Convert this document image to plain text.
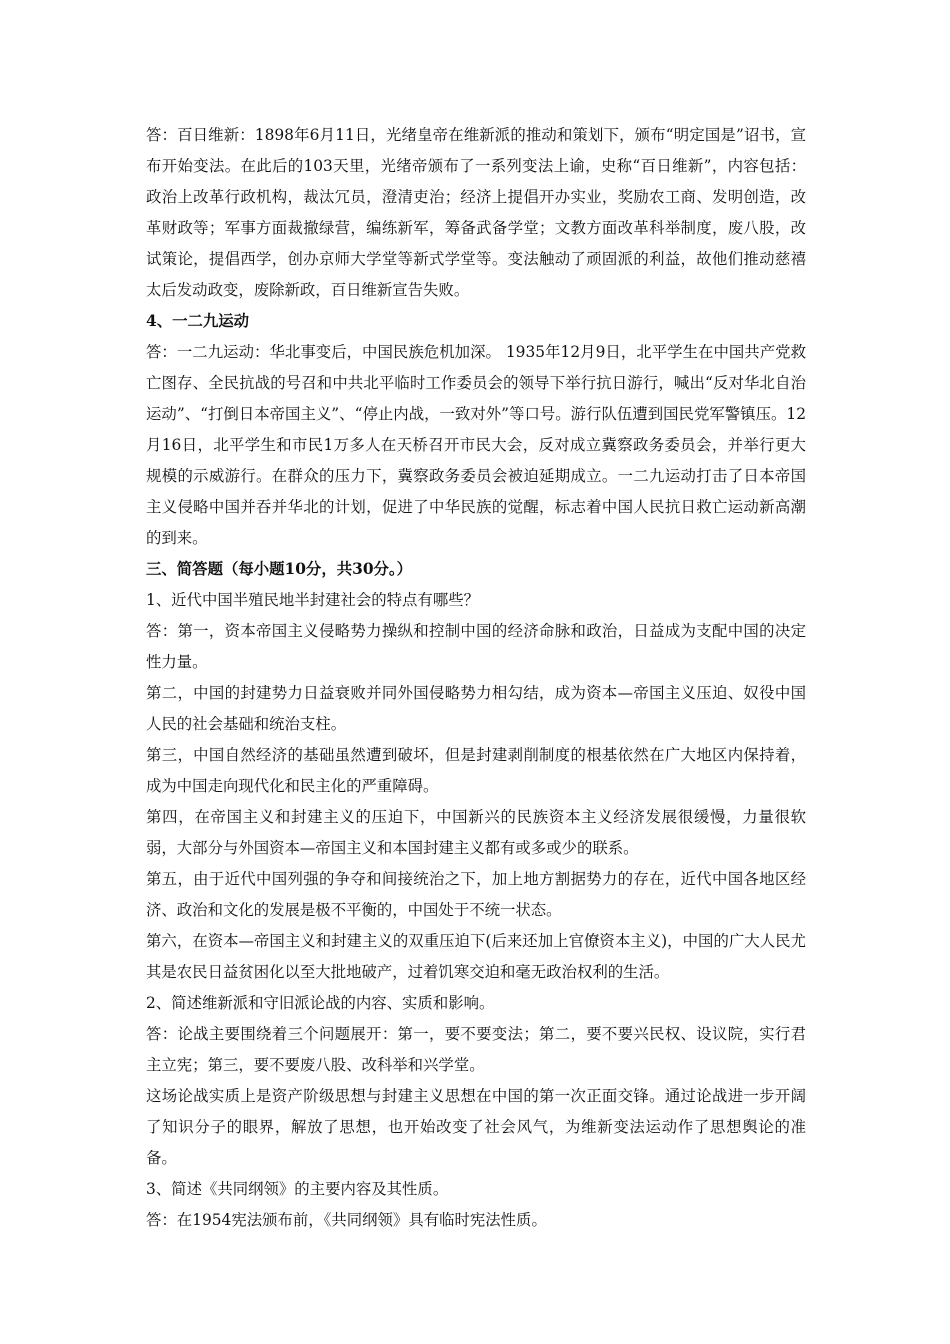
答：百日维新：1898年6月11日，光绪皇帝在维新派的推动和策划下，颁布“明定国是”诏书，宣布开始变法。在此后的103天里，光绪帝颁布了一系列变法上谕，史称“百日维新”，内容包括：政治上改革行政机构，裁汰冗员，澄清吏治；经济上提倡开办实业，奖励农工商、发明创造，改革财政等；军事方面裁撤绿营，编练新军，筹备武备学堂；文教方面改革科举制度，废八股，改试策论，提倡西学，创办京师大学堂等新式学堂等。变法触动了顽固派的利益，故他们推动慈禧太后发动政变，废除新政，百日维新宣告失败。

4、一二九运动

答：一二九运动：华北事变后，中国民族危机加深。 1935年12月9日，北平学生在中国共产党救亡图存、全民抗战的号召和中共北平临时工作委员会的领导下举行抗日游行，喊出“反对华北自治运动”、“打倒日本帝国主义”、“停止内战，一致对外”等口号。游行队伍遭到国民党军警镇压。12月16日，北平学生和市民1万多人在天桥召开市民大会，反对成立冀察政务委员会，并举行更大规模的示威游行。在群众的压力下，冀察政务委员会被迫延期成立。一二九运动打击了日本帝国主义侵略中国并吞并华北的计划，促进了中华民族的觉醒，标志着中国人民抗日救亡运动新高潮的到来。

三、简答题（每小题10分，共30分。）

1、近代中国半殖民地半封建社会的特点有哪些？

答：第一，资本帝国主义侵略势力操纵和控制中国的经济命脉和政治，日益成为支配中国的决定性力量。

第二，中国的封建势力日益衰败并同外国侵略势力相勾结，成为资本—帝国主义压迫、奴役中国人民的社会基础和统治支柱。

第三，中国自然经济的基础虽然遭到破坏，但是封建剥削制度的根基依然在广大地区内保持着，成为中国走向现代化和民主化的严重障碍。

第四，在帝国主义和封建主义的压迫下，中国新兴的民族资本主义经济发展很缓慢，力量很软弱，大部分与外国资本—帝国主义和本国封建主义都有或多或少的联系。

第五，由于近代中国列强的争夺和间接统治之下，加上地方割据势力的存在，近代中国各地区经济、政治和文化的发展是极不平衡的，中国处于不统一状态。

第六，在资本—帝国主义和封建主义的双重压迫下(后来还加上官僚资本主义)，中国的广大人民尤其是农民日益贫困化以至大批地破产，过着饥寒交迫和毫无政治权利的生活。

2、简述维新派和守旧派论战的内容、实质和影响。

答：论战主要围绕着三个问题展开：第一，要不要变法；第二，要不要兴民权、设议院，实行君主立宪；第三，要不要废八股、改科举和兴学堂。

这场论战实质上是资产阶级思想与封建主义思想在中国的第一次正面交锋。通过论战进一步开阔了知识分子的眼界，解放了思想，也开始改变了社会风气，为维新变法运动作了思想舆论的准备。

3、简述《共同纲领》的主要内容及其性质。

答：在1954宪法颁布前，《共同纲领》具有临时宪法性质。
